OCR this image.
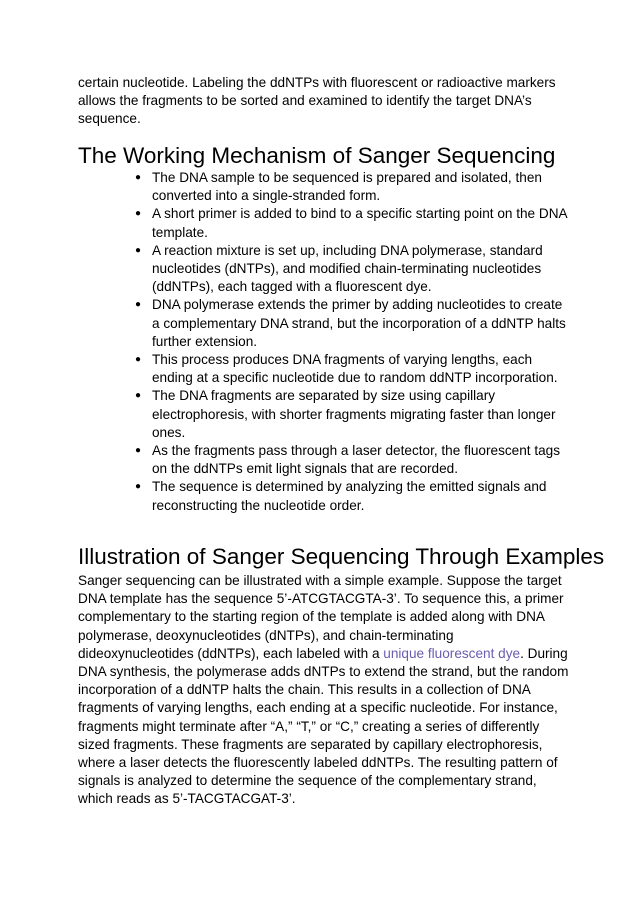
certain nucleotide. Labeling the ddNTPs with fluorescent or radioactive markers allows the fragments to be sorted and examined to identify the target DNA’s sequence.

The Working Mechanism of Sanger Sequencing
● The DNA sample to be sequenced is prepared and isolated, then converted into a single-stranded form.
● A short primer is added to bind to a specific starting point on the DNA template.
● A reaction mixture is set up, including DNA polymerase, standard nucleotides (dNTPs), and modified chain-terminating nucleotides (ddNTPs), each tagged with a fluorescent dye.
● DNA polymerase extends the primer by adding nucleotides to create a complementary DNA strand, but the incorporation of a ddNTP halts further extension.
● This process produces DNA fragments of varying lengths, each ending at a specific nucleotide due to random ddNTP incorporation.
● The DNA fragments are separated by size using capillary electrophoresis, with shorter fragments migrating faster than longer ones.
● As the fragments pass through a laser detector, the fluorescent tags on the ddNTPs emit light signals that are recorded.
● The sequence is determined by analyzing the emitted signals and reconstructing the nucleotide order.
Illustration of Sanger Sequencing Through Examples

Sanger sequencing can be illustrated with a simple example. Suppose the target DNA template has the sequence 5’-ATCGTACGTA-3’. To sequence this, a primer complementary to the starting region of the template is added along with DNA polymerase, deoxynucleotides (dNTPs), and chain-terminating dideoxynucleotides (ddNTPs), each labeled with a unique fluorescent dye. During DNA synthesis, the polymerase adds dNTPs to extend the strand, but the random incorporation of a ddNTP halts the chain. This results in a collection of DNA fragments of varying lengths, each ending at a specific nucleotide. For instance, fragments might terminate after “A,” “T,” or “C,” creating a series of differently sized fragments. These fragments are separated by capillary electrophoresis, where a laser detects the fluorescently labeled ddNTPs. The resulting pattern of signals is analyzed to determine the sequence of the complementary strand, which reads as 5’-TACGTACGAT-3’.
